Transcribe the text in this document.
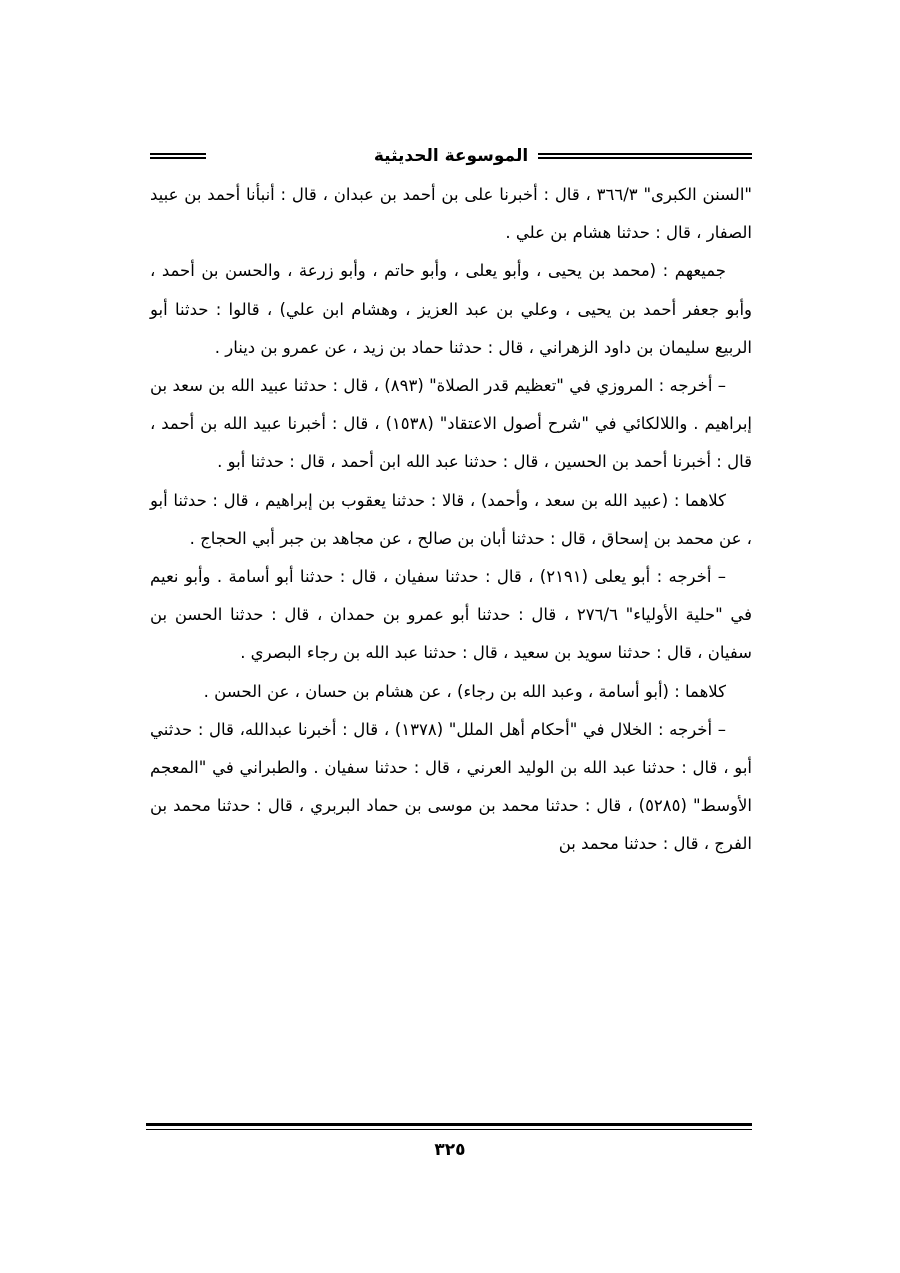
الموسوعة الحديثية

"السنن الكبرى" ٣٦٦/٣ ، قال : أخبرنا على بن أحمد بن عبدان ، قال : أنبأنا أحمد بن عبيد الصفار ، قال : حدثنا هشام بن علي .

جميعهم : (محمد بن يحيى ، وأبو يعلى ، وأبو حاتم ، وأبو زرعة ، والحسن بن أحمد ، وأبو جعفر أحمد بن يحيى ، وعلي بن عبد العزيز ، وهشام ابن علي) ، قالوا : حدثنا أبو الربيع سليمان بن داود الزهراني ، قال : حدثنا حماد بن زيد ، عن عمرو بن دينار .

– أخرجه : المروزي في "تعظيم قدر الصلاة" (٨٩٣) ، قال : حدثنا عبيد الله بن سعد بن إبراهيم . واللالكائي في "شرح أصول الاعتقاد" (١٥٣٨) ، قال : أخبرنا عبيد الله بن أحمد ، قال : أخبرنا أحمد بن الحسين ، قال : حدثنا عبد الله ابن أحمد ، قال : حدثنا أبو .

كلاهما : (عبيد الله بن سعد ، وأحمد) ، قالا : حدثنا يعقوب بن إبراهيم ، قال : حدثنا أبو ، عن محمد بن إسحاق ، قال : حدثنا أبان بن صالح ، عن مجاهد بن جبر أبي الحجاج .

– أخرجه : أبو يعلى (٢١٩١) ، قال : حدثنا سفيان ، قال : حدثنا أبو أسامة . وأبو نعيم في "حلية الأولياء" ٢٧٦/٦ ، قال : حدثنا أبو عمرو بن حمدان ، قال : حدثنا الحسن بن سفيان ، قال : حدثنا سويد بن سعيد ، قال : حدثنا عبد الله بن رجاء البصري .

كلاهما : (أبو أسامة ، وعبد الله بن رجاء) ، عن هشام بن حسان ، عن الحسن .

– أخرجه : الخلال في "أحكام أهل الملل" (١٣٧٨) ، قال : أخبرنا عبدالله، قال : حدثني أبو ، قال : حدثنا عبد الله بن الوليد العرني ، قال : حدثنا سفيان . والطبراني في "المعجم الأوسط" (٥٢٨٥) ، قال : حدثنا محمد بن موسى بن حماد البربري ، قال : حدثنا محمد بن الفرج ، قال : حدثنا محمد بن

٣٢٥
